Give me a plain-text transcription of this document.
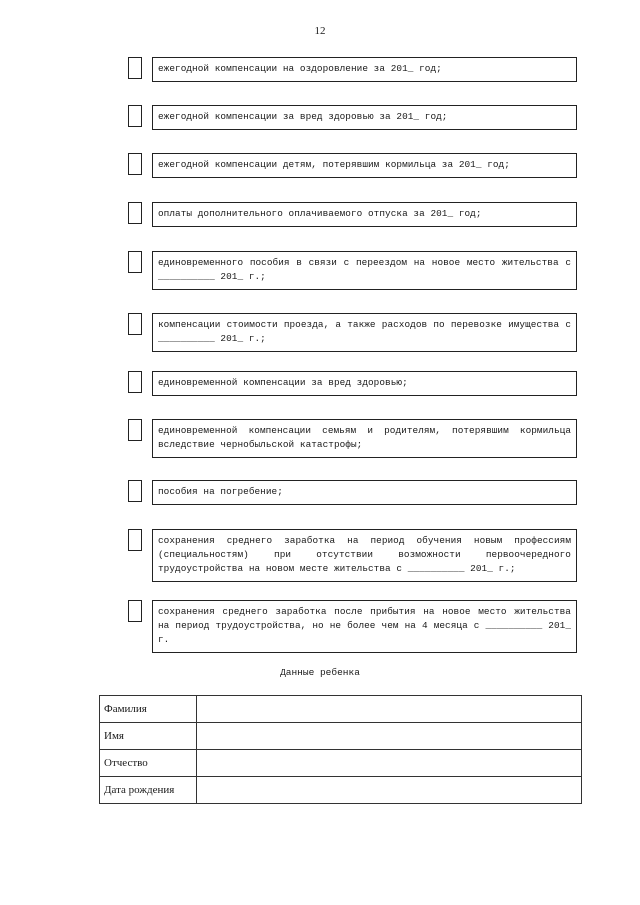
12
ежегодной компенсации на оздоровление за 201_ год;
ежегодной компенсации за вред здоровью за 201_ год;
ежегодной компенсации детям, потерявшим кормильца за 201_ год;
оплаты дополнительного оплачиваемого отпуска за 201_ год;
единовременного пособия в связи с переездом на новое место жительства с __________ 201_ г.;
компенсации стоимости проезда, а также расходов по перевозке имущества с __________ 201_ г.;
единовременной компенсации за вред здоровью;
единовременной компенсации семьям и родителям, потерявшим кормильца вследствие чернобыльской катастрофы;
пособия на погребение;
сохранения среднего заработка на период обучения новым профессиям (специальностям) при отсутствии возможности первоочередного трудоустройства на новом месте жительства с __________ 201_ г.;
сохранения среднего заработка после прибытия на новое место жительства на период трудоустройства, но не более чем на 4 месяца с __________ 201_ г.
Данные ребенка
Фамилия	
Имя	
Отчество	
Дата рождения	
